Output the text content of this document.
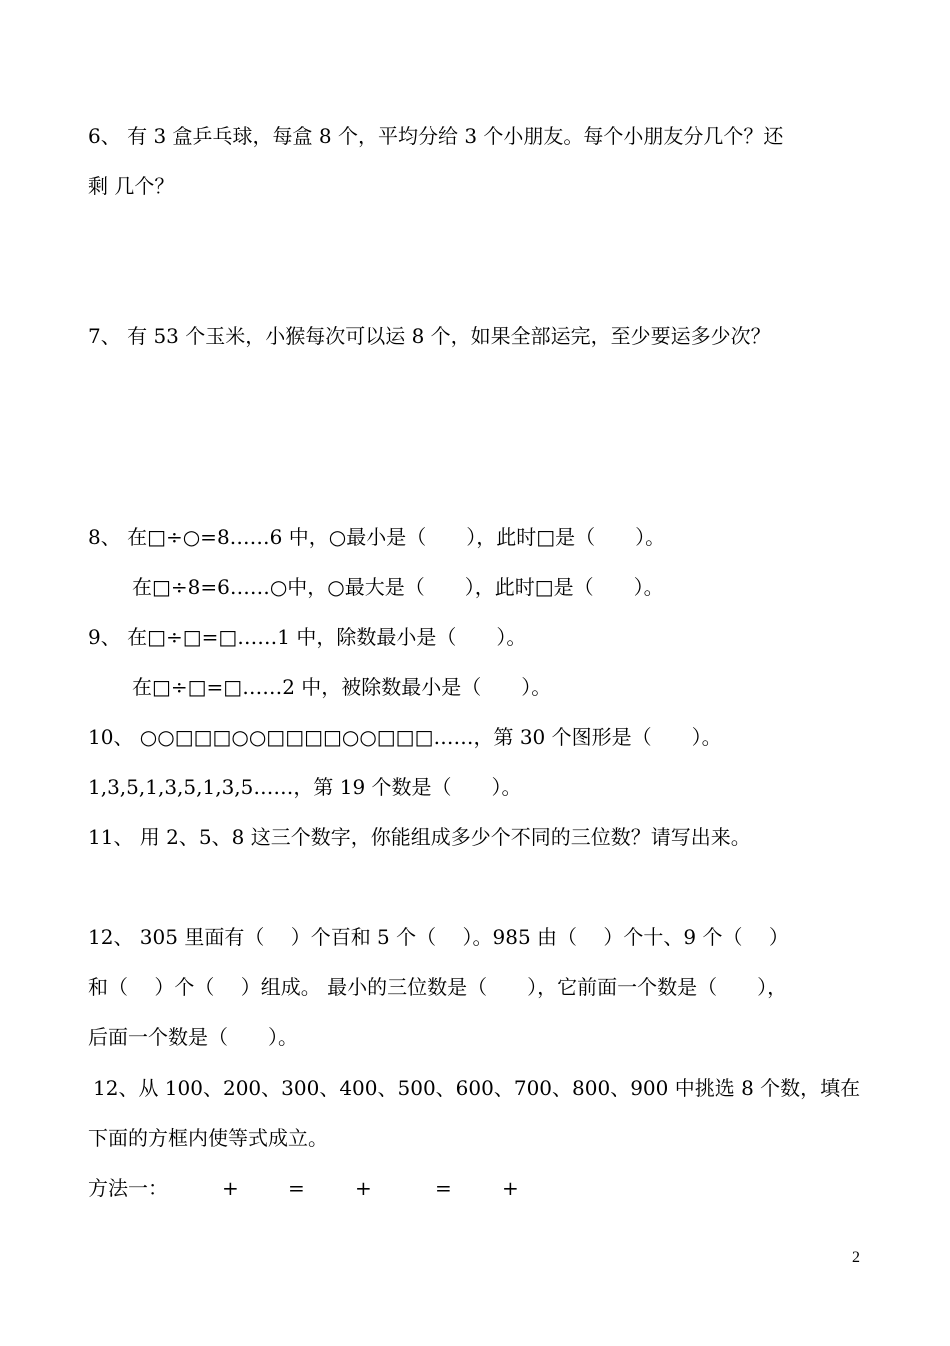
6、 有 3 盒乒乓球，每盒 8 个，平均分给 3 个小朋友。每个小朋友分几个？还
剩 几个？
7、 有 53 个玉米，小猴每次可以运 8 个，如果全部运完，至少要运多少次？
8、 在□÷○=8……6 中，○最小是（　　），此时□是（　　）。
在□÷8=6……○中，○最大是（　　），此时□是（　　）。
9、 在□÷□=□……1 中，除数最小是（　　）。
在□÷□=□……2 中，被除数最小是（　　）。
10、 ○○□□□○○□□□□○○□□□……，第 30 个图形是（　　）。
1,3,5,1,3,5,1,3,5……，第 19 个数是（　　）。
11、 用 2、5、8 这三个数字，你能组成多少个不同的三位数？请写出来。
12、 305 里面有（　 ）个百和 5 个（　 ）。985 由（　 ）个十、9 个（　 ）
和（　 ）个（　 ）组成。 最小的三位数是（　　），它前面一个数是（　　），
后面一个数是（　　）。
12、从 100、200、300、400、500、600、700、800、900 中挑选 8 个数，填在
下面的方框内使等式成立。
方法一：	+ =	+	=	+
2
